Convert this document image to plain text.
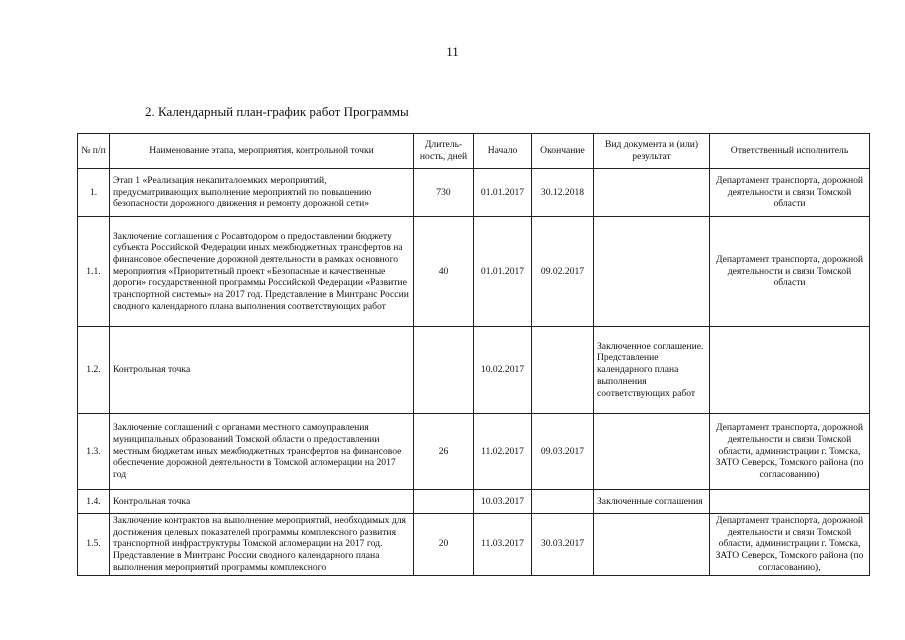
11
2. Календарный план-график работ Программы
№ п/п	Наименование этапа, мероприятия, контрольной точки	Длитель-ность, дней	Начало	Окончание	Вид документа и (или) результат	Ответственный исполнитель
1.	Этап 1 «Реализация некапиталоемких мероприятий, предусматривающих выполнение мероприятий по повышению безопасности дорожного движения и ремонту дорожной сети»	730	01.01.2017	30.12.2018		Департамент транспорта, дорожной деятельности и связи Томской области
1.1.	Заключение соглашения с Росавтодором о предоставлении бюджету субъекта Российской Федерации иных межбюджетных трансфертов на финансовое обеспечение дорожной деятельности в рамках основного мероприятия «Приоритетный проект «Безопасные и качественные дороги» государственной программы Российской Федерации «Развитие транспортной системы» на 2017 год. Представление в Минтранс России сводного календарного плана выполнения соответствующих работ	40	01.01.2017	09.02.2017		Департамент транспорта, дорожной деятельности и связи Томской области
1.2.	Контрольная точка		10.02.2017		Заключенное соглашение. Представление календарного плана выполнения соответствующих работ	
1.3.	Заключение соглашений с органами местного самоуправления муниципальных образований Томской области о предоставлении местным бюджетам иных межбюджетных трансфертов на финансовое обеспечение дорожной деятельности в Томской агломерации на 2017 год	26	11.02.2017	09.03.2017		Департамент транспорта, дорожной деятельности и связи Томской области, администрации г. Томска, ЗАТО Северск, Томского района (по согласованию)
1.4.	Контрольная точка		10.03.2017		Заключенные соглашения	
1.5.	Заключение контрактов на выполнение мероприятий, необходимых для достижения целевых показателей программы комплексного развития транспортной инфраструктуры Томской агломерации на 2017 год. Представление в Минтранс России сводного календарного плана выполнения мероприятий программы комплексного	20	11.03.2017	30.03.2017		Департамент транспорта, дорожной деятельности и связи Томской области, администрации г. Томска, ЗАТО Северск, Томского района (по согласованию),
